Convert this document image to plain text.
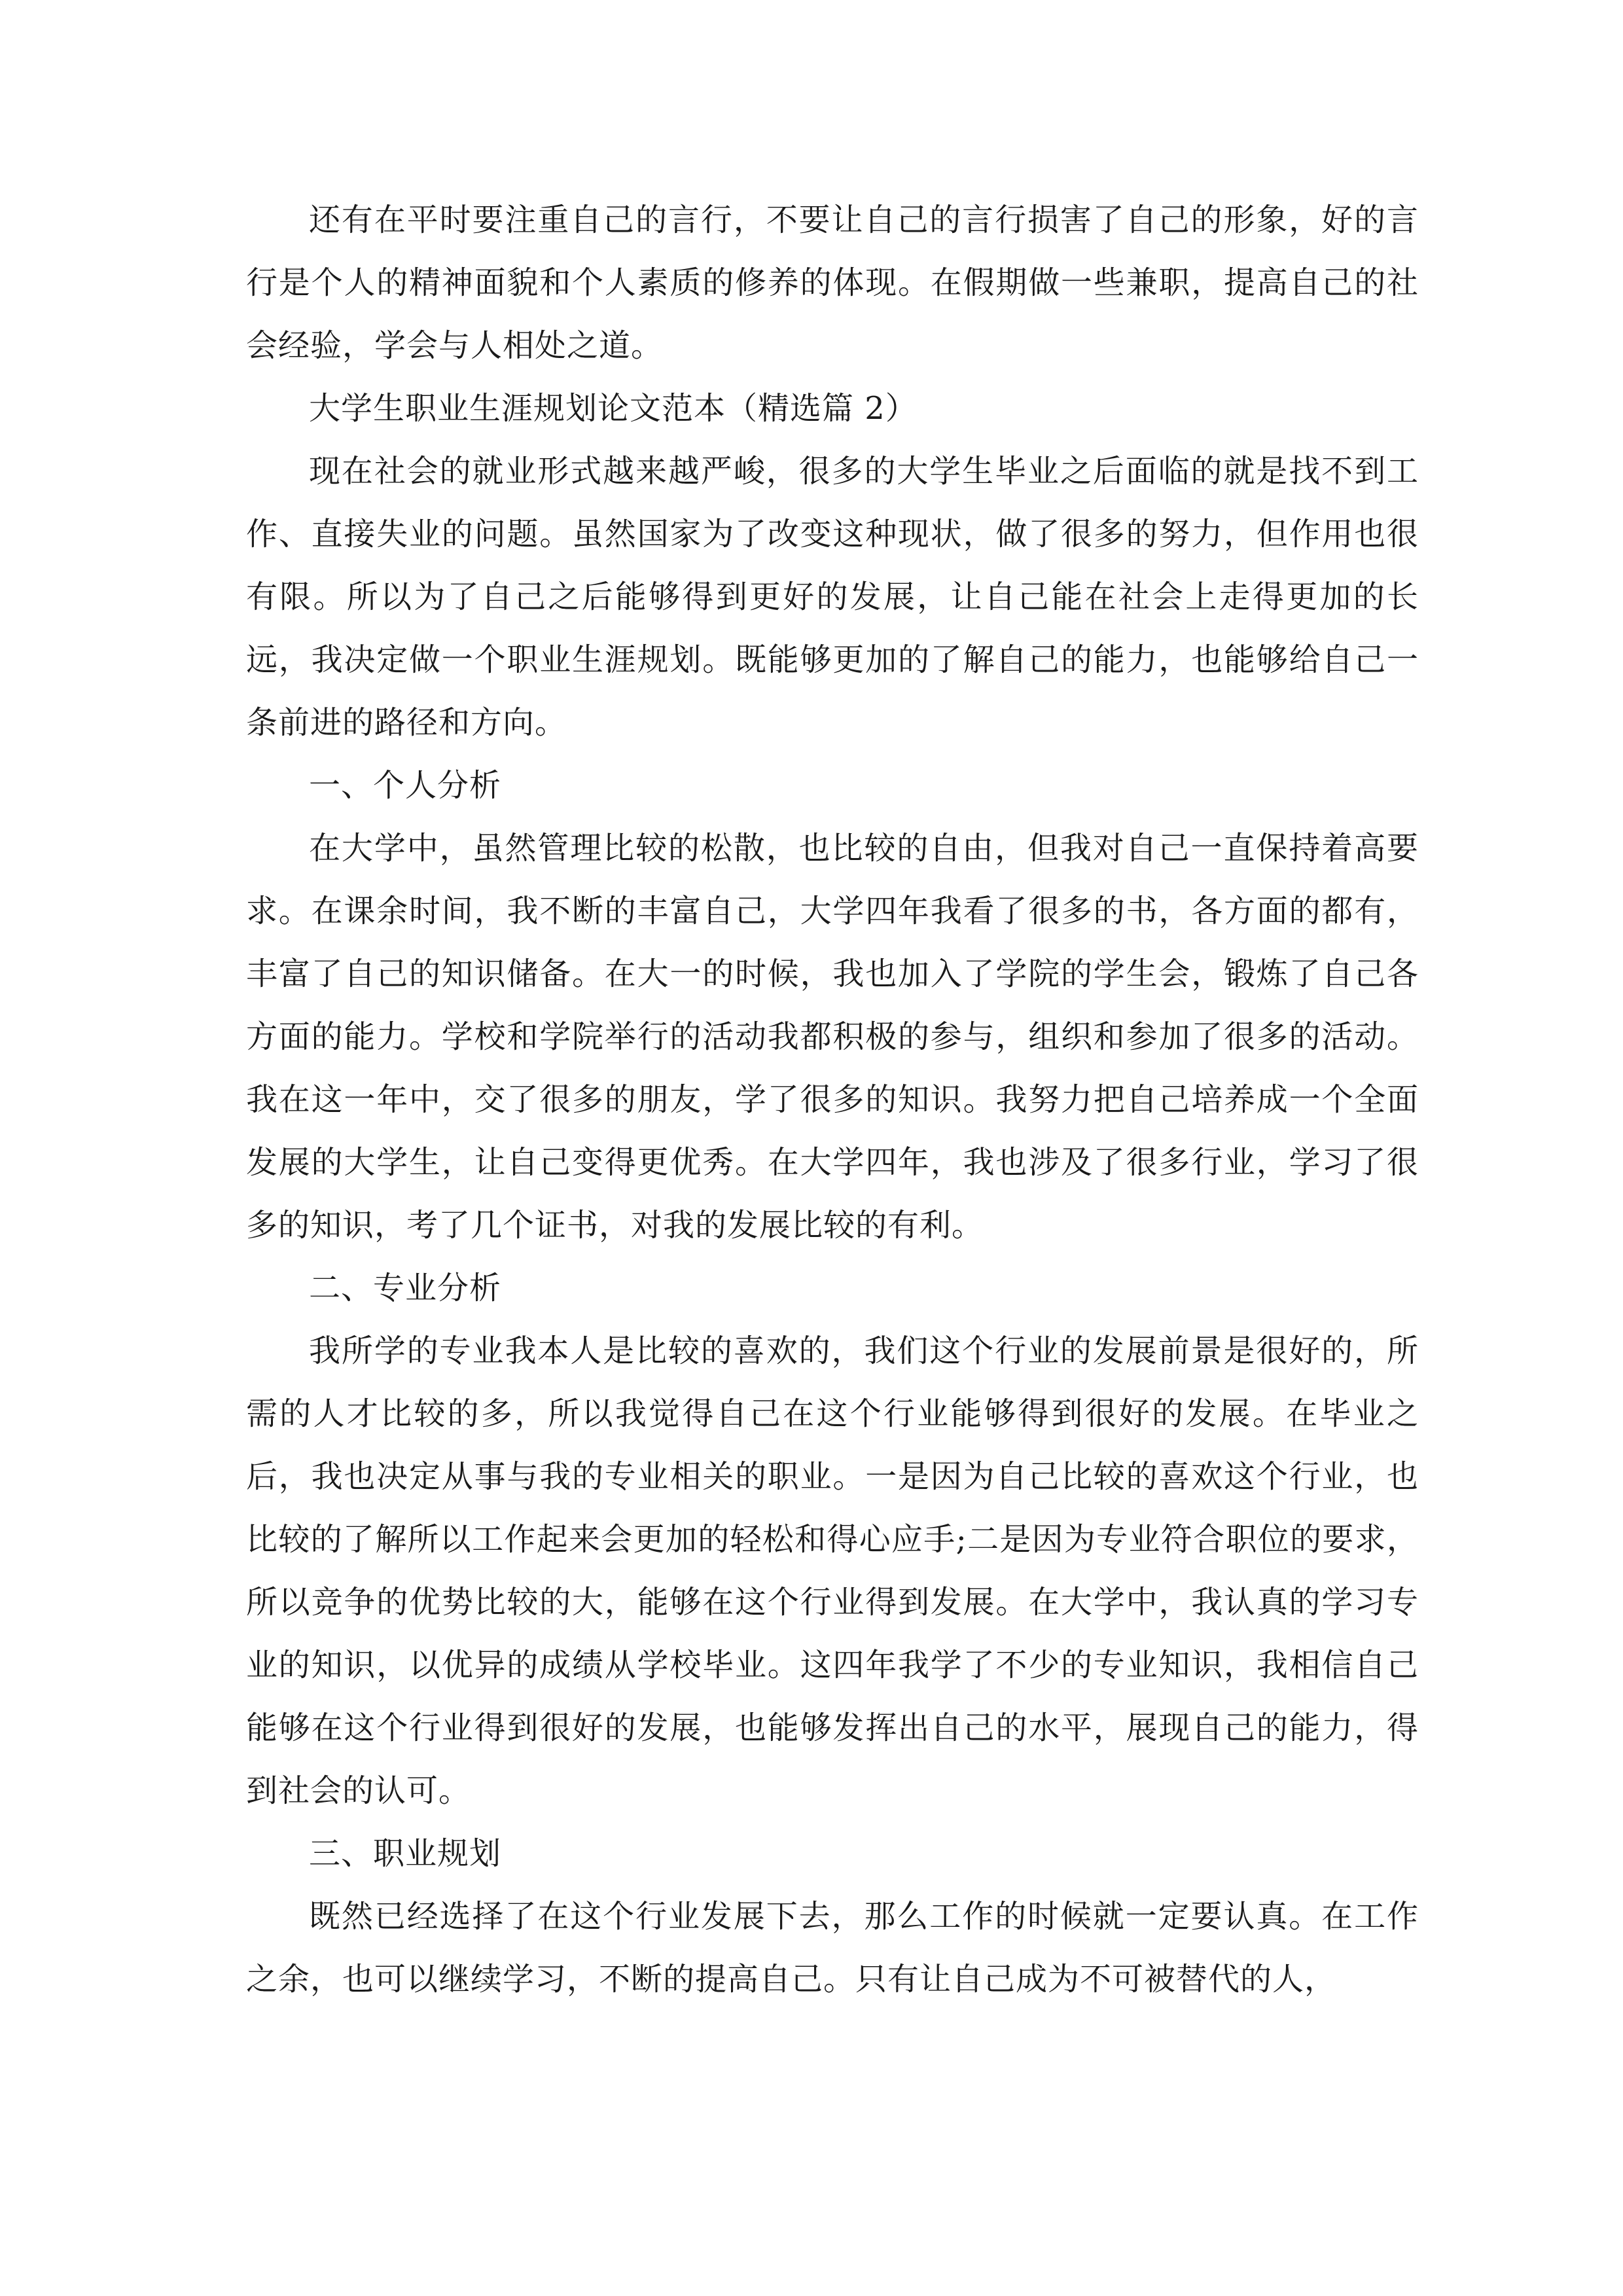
还有在平时要注重自己的言行，不要让自己的言行损害了自己的形象，好的言行是个人的精神面貌和个人素质的修养的体现。在假期做一些兼职，提高自己的社会经验，学会与人相处之道。

大学生职业生涯规划论文范本（精选篇 2）

现在社会的就业形式越来越严峻，很多的大学生毕业之后面临的就是找不到工作、直接失业的问题。虽然国家为了改变这种现状，做了很多的努力，但作用也很有限。所以为了自己之后能够得到更好的发展，让自己能在社会上走得更加的长远，我决定做一个职业生涯规划。既能够更加的了解自己的能力，也能够给自己一条前进的路径和方向。

一、个人分析

在大学中，虽然管理比较的松散，也比较的自由，但我对自己一直保持着高要求。在课余时间，我不断的丰富自己，大学四年我看了很多的书，各方面的都有，丰富了自己的知识储备。在大一的时候，我也加入了学院的学生会，锻炼了自己各方面的能力。学校和学院举行的活动我都积极的参与，组织和参加了很多的活动。我在这一年中，交了很多的朋友，学了很多的知识。我努力把自己培养成一个全面发展的大学生，让自己变得更优秀。在大学四年，我也涉及了很多行业，学习了很多的知识，考了几个证书，对我的发展比较的有利。

二、专业分析

我所学的专业我本人是比较的喜欢的，我们这个行业的发展前景是很好的，所需的人才比较的多，所以我觉得自己在这个行业能够得到很好的发展。在毕业之后，我也决定从事与我的专业相关的职业。一是因为自己比较的喜欢这个行业，也比较的了解所以工作起来会更加的轻松和得心应手;二是因为专业符合职位的要求，所以竞争的优势比较的大，能够在这个行业得到发展。在大学中，我认真的学习专业的知识，以优异的成绩从学校毕业。这四年我学了不少的专业知识，我相信自己能够在这个行业得到很好的发展，也能够发挥出自己的水平，展现自己的能力，得到社会的认可。

三、职业规划

既然已经选择了在这个行业发展下去，那么工作的时候就一定要认真。在工作之余，也可以继续学习，不断的提高自己。只有让自己成为不可被替代的人，
